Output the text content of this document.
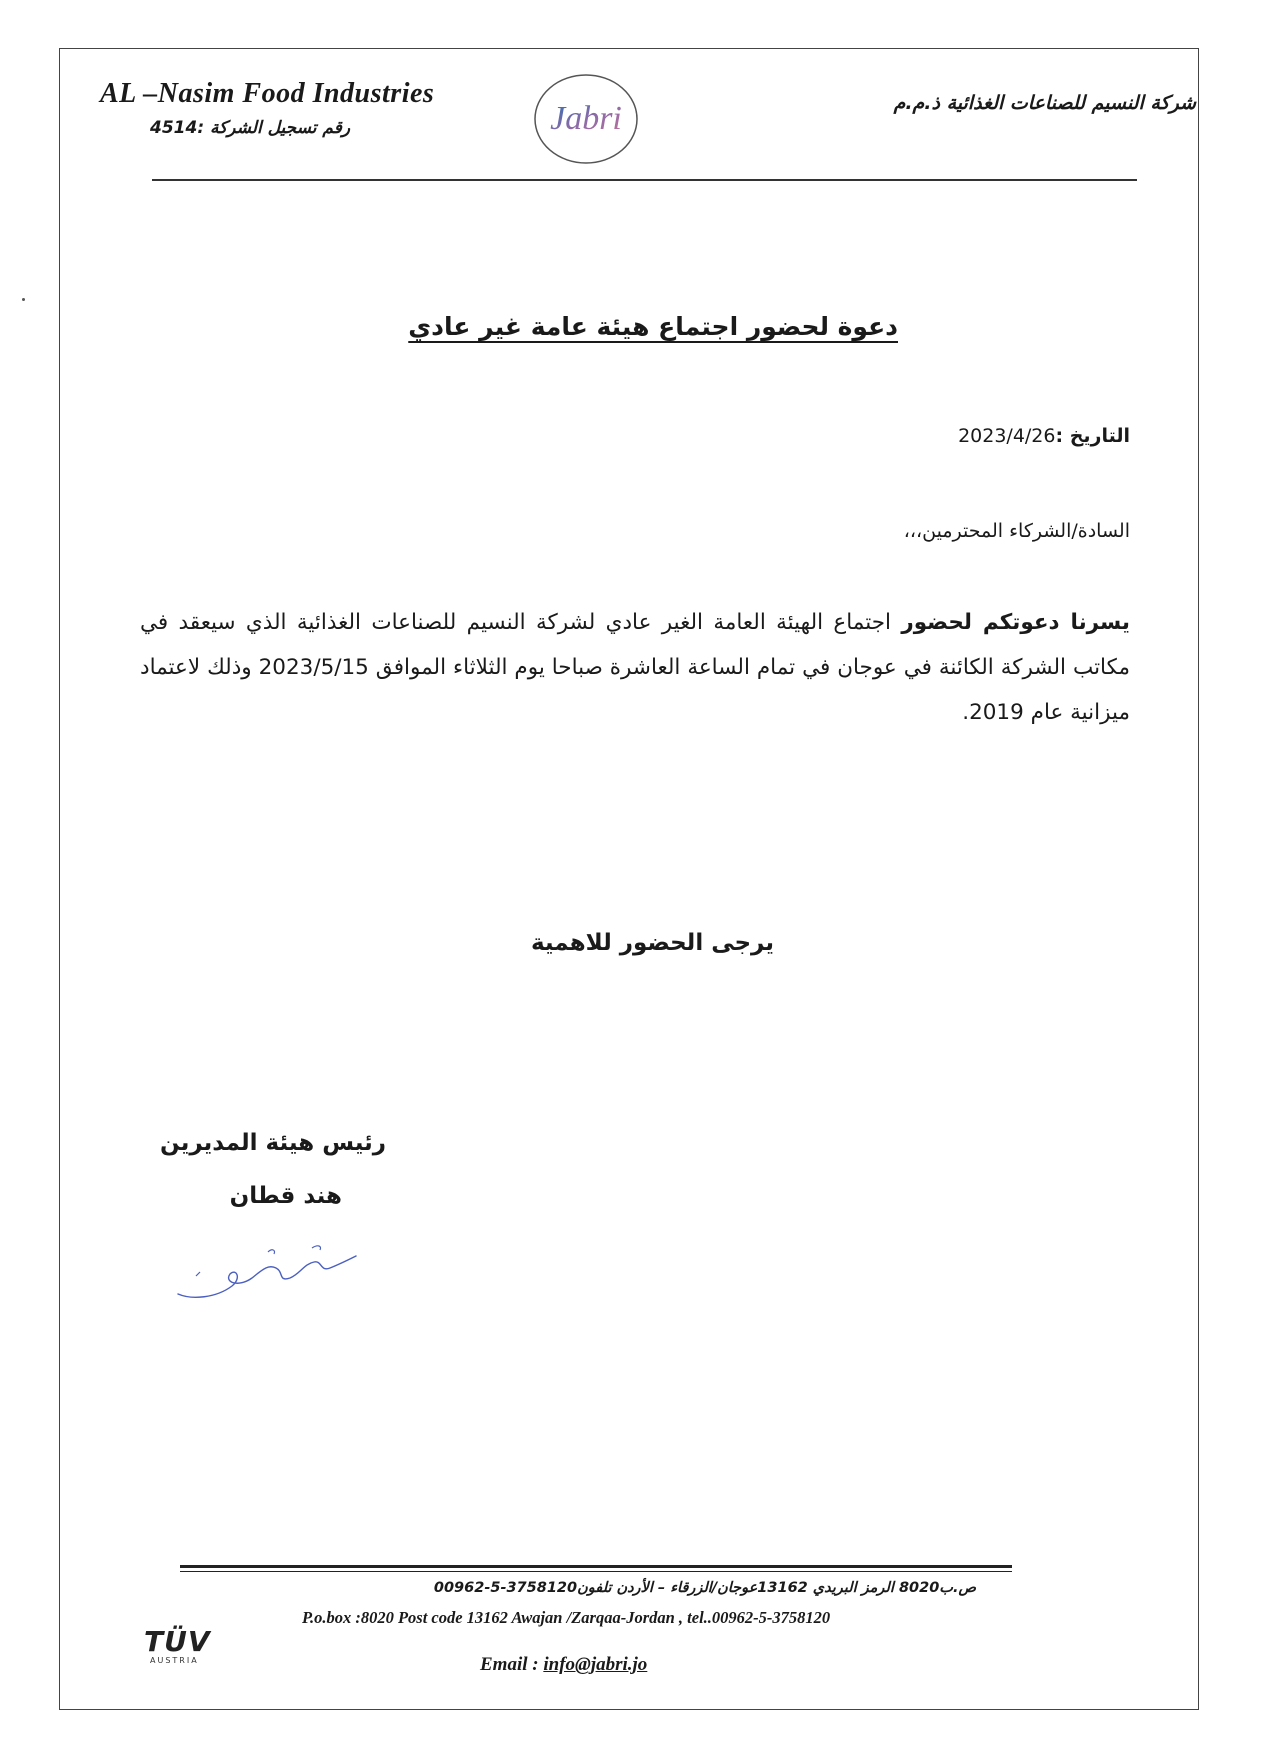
AL –Nasim Food Industries
رقم تسجيل الشركة :4514
شركة النسيم للصناعات الغذائية ذ.م.م
Jabri
دعوة لحضور اجتماع هيئة عامة غير عادي
التاريخ :2023/4/26
السادة/الشركاء المحترمين،،،
يسرنا دعوتكم لحضور اجتماع الهيئة العامة الغير عادي لشركة النسيم للصناعات الغذائية الذي سيعقد في مكاتب الشركة الكائنة في عوجان في تمام الساعة العاشرة صباحا يوم الثلاثاء الموافق 2023/5/15 وذلك لاعتماد ميزانية عام 2019.
يرجى الحضور للاهمية
رئيس هيئة المديرين
هند قطان
ص.ب8020 الرمز البريدي 13162عوجان/الزرقاء – الأردن تلفون3758120-5-00962
P.o.box :8020 Post code 13162 Awajan /Zarqaa-Jordan , tel..00962-5-3758120
TÜV
AUSTRIA	Email : info@jabri.jo
